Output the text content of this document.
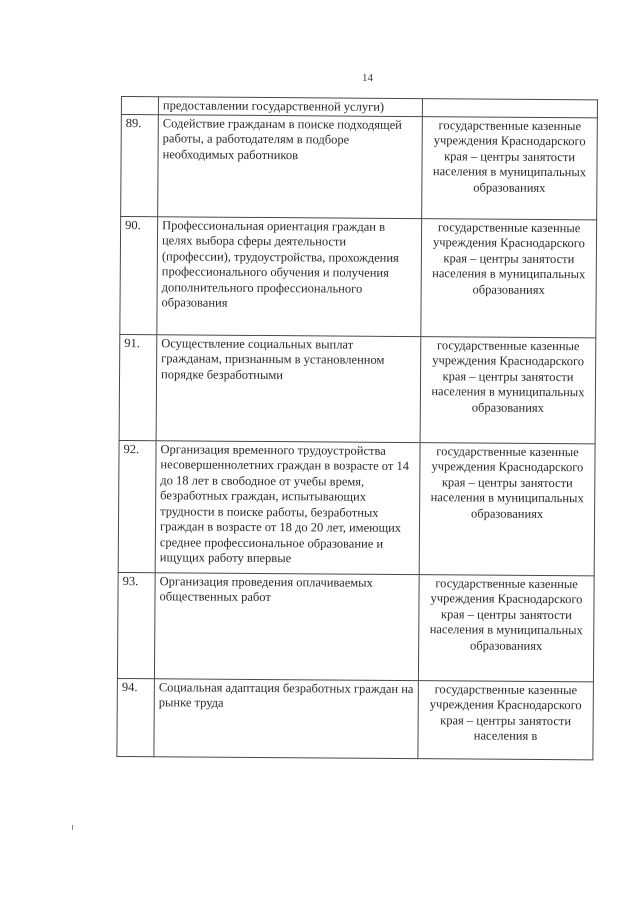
14
	предоставлении государственной услуги)	
89.	Содействие гражданам в поиске подходящей работы, а работодателям в подборе необходимых работников	государственные казенные учреждения Краснодарского края – центры занятости населения в муниципальных образованиях
90.	Профессиональная ориентация граждан в целях выбора сферы деятельности (профессии), трудоустройства, прохождения профессионального обучения и получения дополнительного профессионального образования	государственные казенные учреждения Краснодарского края – центры занятости населения в муниципальных образованиях
91.	Осуществление социальных выплат гражданам, признанным в установленном порядке безработными	государственные казенные учреждения Краснодарского края – центры занятости населения в муниципальных образованиях
92.	Организация временного трудоустройства несовершеннолетних граждан в возрасте от 14 до 18 лет в свободное от учебы время, безработных граждан, испытывающих трудности в поиске работы, безработных граждан в возрасте от 18 до 20 лет, имеющих среднее профессиональное образование и ищущих работу впервые	государственные казенные учреждения Краснодарского края – центры занятости населения в муниципальных образованиях
93.	Организация проведения оплачиваемых общественных работ	государственные казенные учреждения Краснодарского края – центры занятости населения в муниципальных образованиях
94.	Социальная адаптация безработных граждан на рынке труда	государственные казенные учреждения Краснодарского края – центры занятости населения в
